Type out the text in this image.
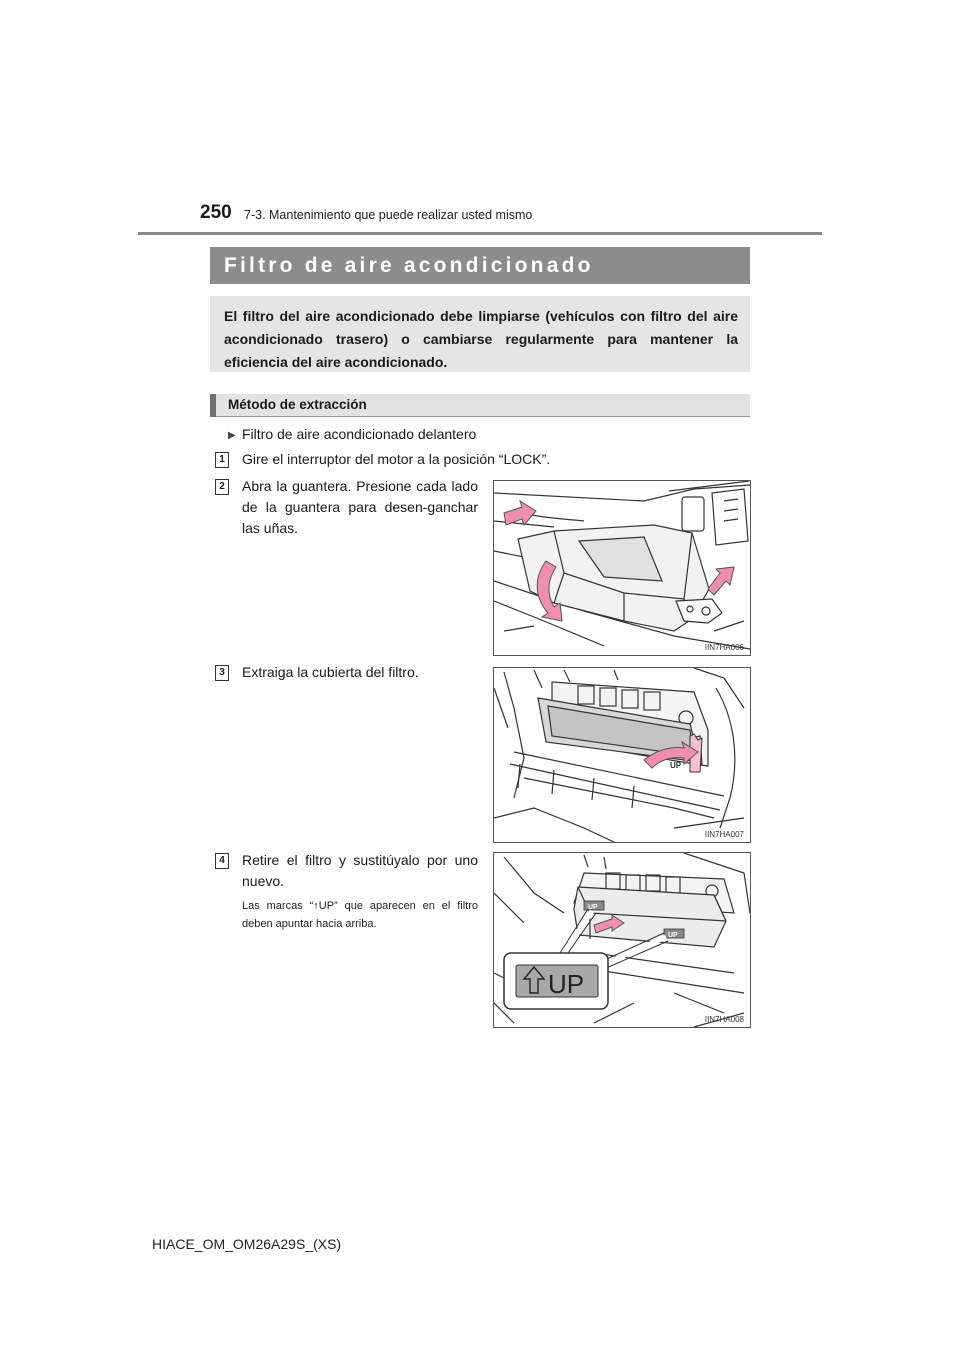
250 7-3. Mantenimiento que puede realizar usted mismo
Filtro de aire acondicionado
El filtro del aire acondicionado debe limpiarse (vehículos con filtro del aire acondicionado trasero) o cambiarse regularmente para mantener la eficiencia del aire acondicionado.
Método de extracción
▶ Filtro de aire acondicionado delantero
1	Gire el interruptor del motor a la posición “LOCK”.
2	Abra la guantera. Presione cada lado de la guantera para desen-ganchar las uñas.
IIN7HA006
3	Extraiga la cubierta del filtro.
UP
IIN7HA007
4	Retire el filtro y sustitúyalo por uno nuevo.
Las marcas “↑UP” que aparecen en el filtro deben apuntar hacia arriba.
UP
UP
UP
IIN7HA008
HIACE_OM_OM26A29S_(XS)
